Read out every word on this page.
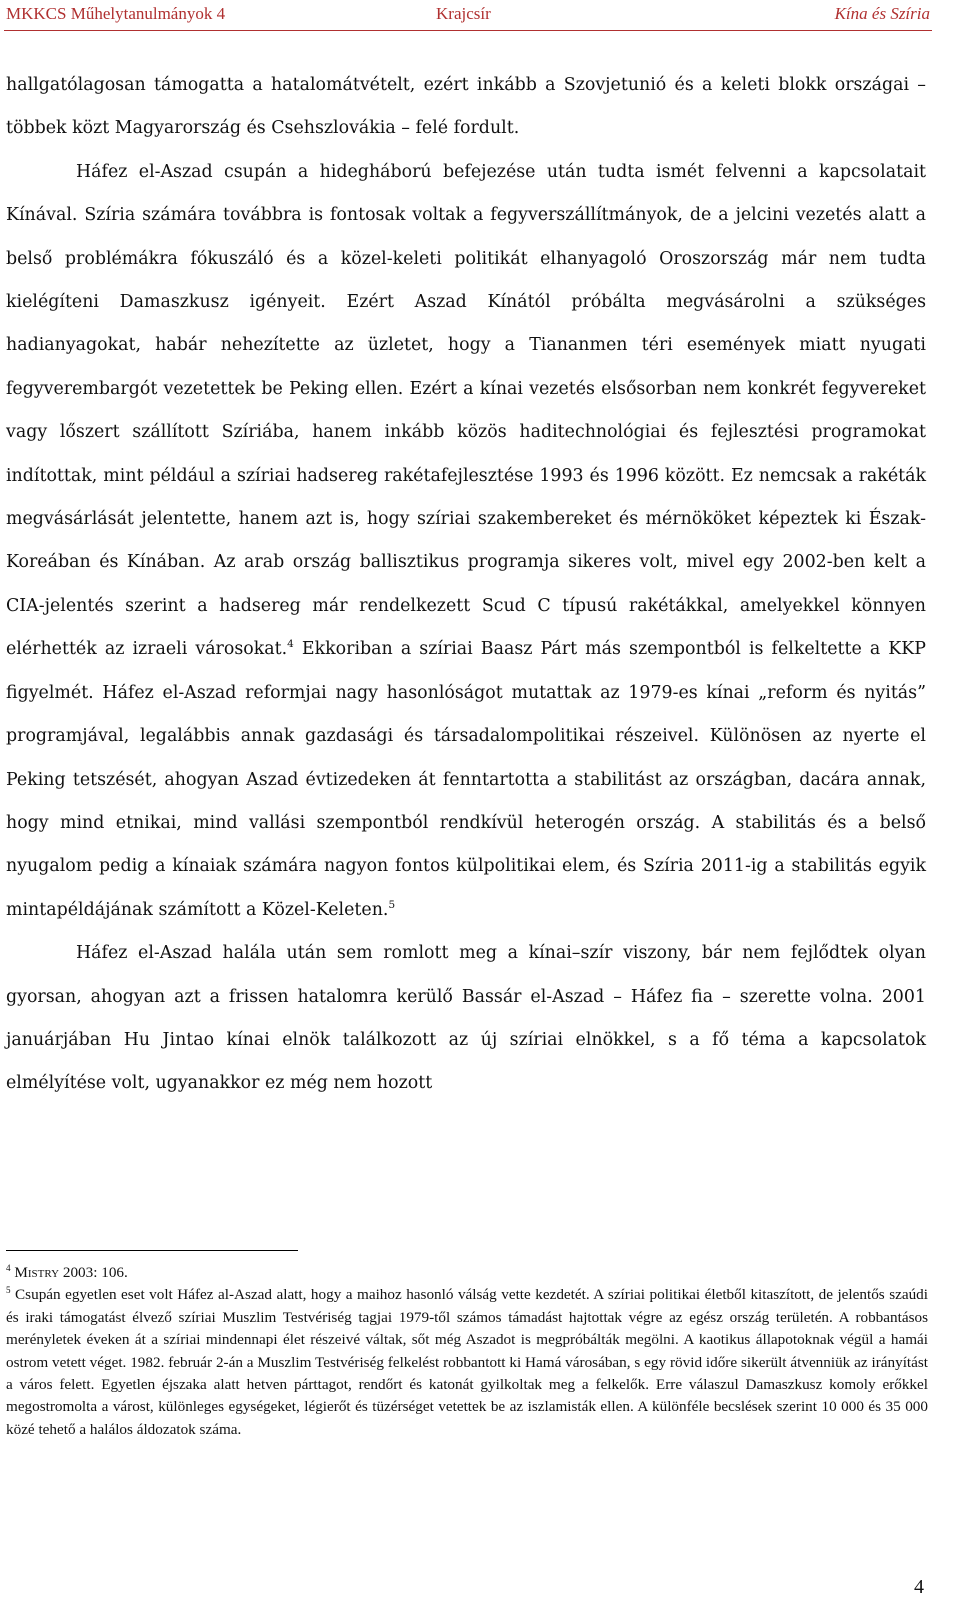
MKKCS Műhelytanulmányok 4	Krajcsír	Kína és Szíria

hallgatólagosan támogatta a hatalomátvételt, ezért inkább a Szovjetunió és a keleti blokk országai – többek közt Magyarország és Csehszlovákia – felé fordult.

Háfez el-Aszad csupán a hidegháború befejezése után tudta ismét felvenni a kapcsolatait Kínával. Szíria számára továbbra is fontosak voltak a fegyverszállítmányok, de a jelcini vezetés alatt a belső problémákra fókuszáló és a közel-keleti politikát elhanyagoló Oroszország már nem tudta kielégíteni Damaszkusz igényeit. Ezért Aszad Kínától próbálta megvásárolni a szükséges hadianyagokat, habár nehezítette az üzletet, hogy a Tiananmen téri események miatt nyugati fegyverembargót vezetettek be Peking ellen. Ezért a kínai vezetés elsősorban nem konkrét fegyvereket vagy lőszert szállított Szíriába, hanem inkább közös haditechnológiai és fejlesztési programokat indítottak, mint például a szíriai hadsereg rakétafejlesztése 1993 és 1996 között. Ez nemcsak a rakéták megvásárlását jelentette, hanem azt is, hogy szíriai szakembereket és mérnököket képeztek ki Észak-Koreában és Kínában. Az arab ország ballisztikus programja sikeres volt, mivel egy 2002-ben kelt a CIA-jelentés szerint a hadsereg már rendelkezett Scud C típusú rakétákkal, amelyekkel könnyen elérhették az izraeli városokat.$^4$ Ekkoriban a szíriai Baasz Párt más szempontból is felkeltette a KKP figyelmét. Háfez el-Aszad reformjai nagy hasonlóságot mutattak az 1979-es kínai „reform és nyitás” programjával, legalábbis annak gazdasági és társadalompolitikai részeivel. Különösen az nyerte el Peking tetszését, ahogyan Aszad évtizedeken át fenntartotta a stabilitást az országban, dacára annak, hogy mind etnikai, mind vallási szempontból rendkívül heterogén ország. A stabilitás és a belső nyugalom pedig a kínaiak számára nagyon fontos külpolitikai elem, és Szíria 2011-ig a stabilitás egyik mintapéldájának számított a Közel-Keleten.$^5$

Háfez el-Aszad halála után sem romlott meg a kínai–szír viszony, bár nem fejlődtek olyan gyorsan, ahogyan azt a frissen hatalomra kerülő Bassár el-Aszad – Háfez fia – szerette volna. 2001 januárjában Hu Jintao kínai elnök találkozott az új szíriai elnökkel, s a fő téma a kapcsolatok elmélyítése volt, ugyanakkor ez még nem hozott

$^4$ Mistry 2003: 106.

$^5$ Csupán egyetlen eset volt Háfez al-Aszad alatt, hogy a maihoz hasonló válság vette kezdetét. A szíriai politikai életből kitaszított, de jelentős szaúdi és iraki támogatást élvező szíriai Muszlim Testvériség tagjai 1979-től számos támadást hajtottak végre az egész ország területén. A robbantásos merényletek éveken át a szíriai mindennapi élet részeivé váltak, sőt még Aszadot is megpróbálták megölni. A kaotikus állapotoknak végül a hamái ostrom vetett véget. 1982. február 2-án a Muszlim Testvériség felkelést robbantott ki Hamá városában, s egy rövid időre sikerült átvenniük az irányítást a város felett. Egyetlen éjszaka alatt hetven párttagot, rendőrt és katonát gyilkoltak meg a felkelők. Erre válaszul Damaszkusz komoly erőkkel megostromolta a várost, különleges egységeket, légierőt és tüzérséget vetettek be az iszlamisták ellen. A különféle becslések szerint 10 000 és 35 000 közé tehető a halálos áldozatok száma.

4
